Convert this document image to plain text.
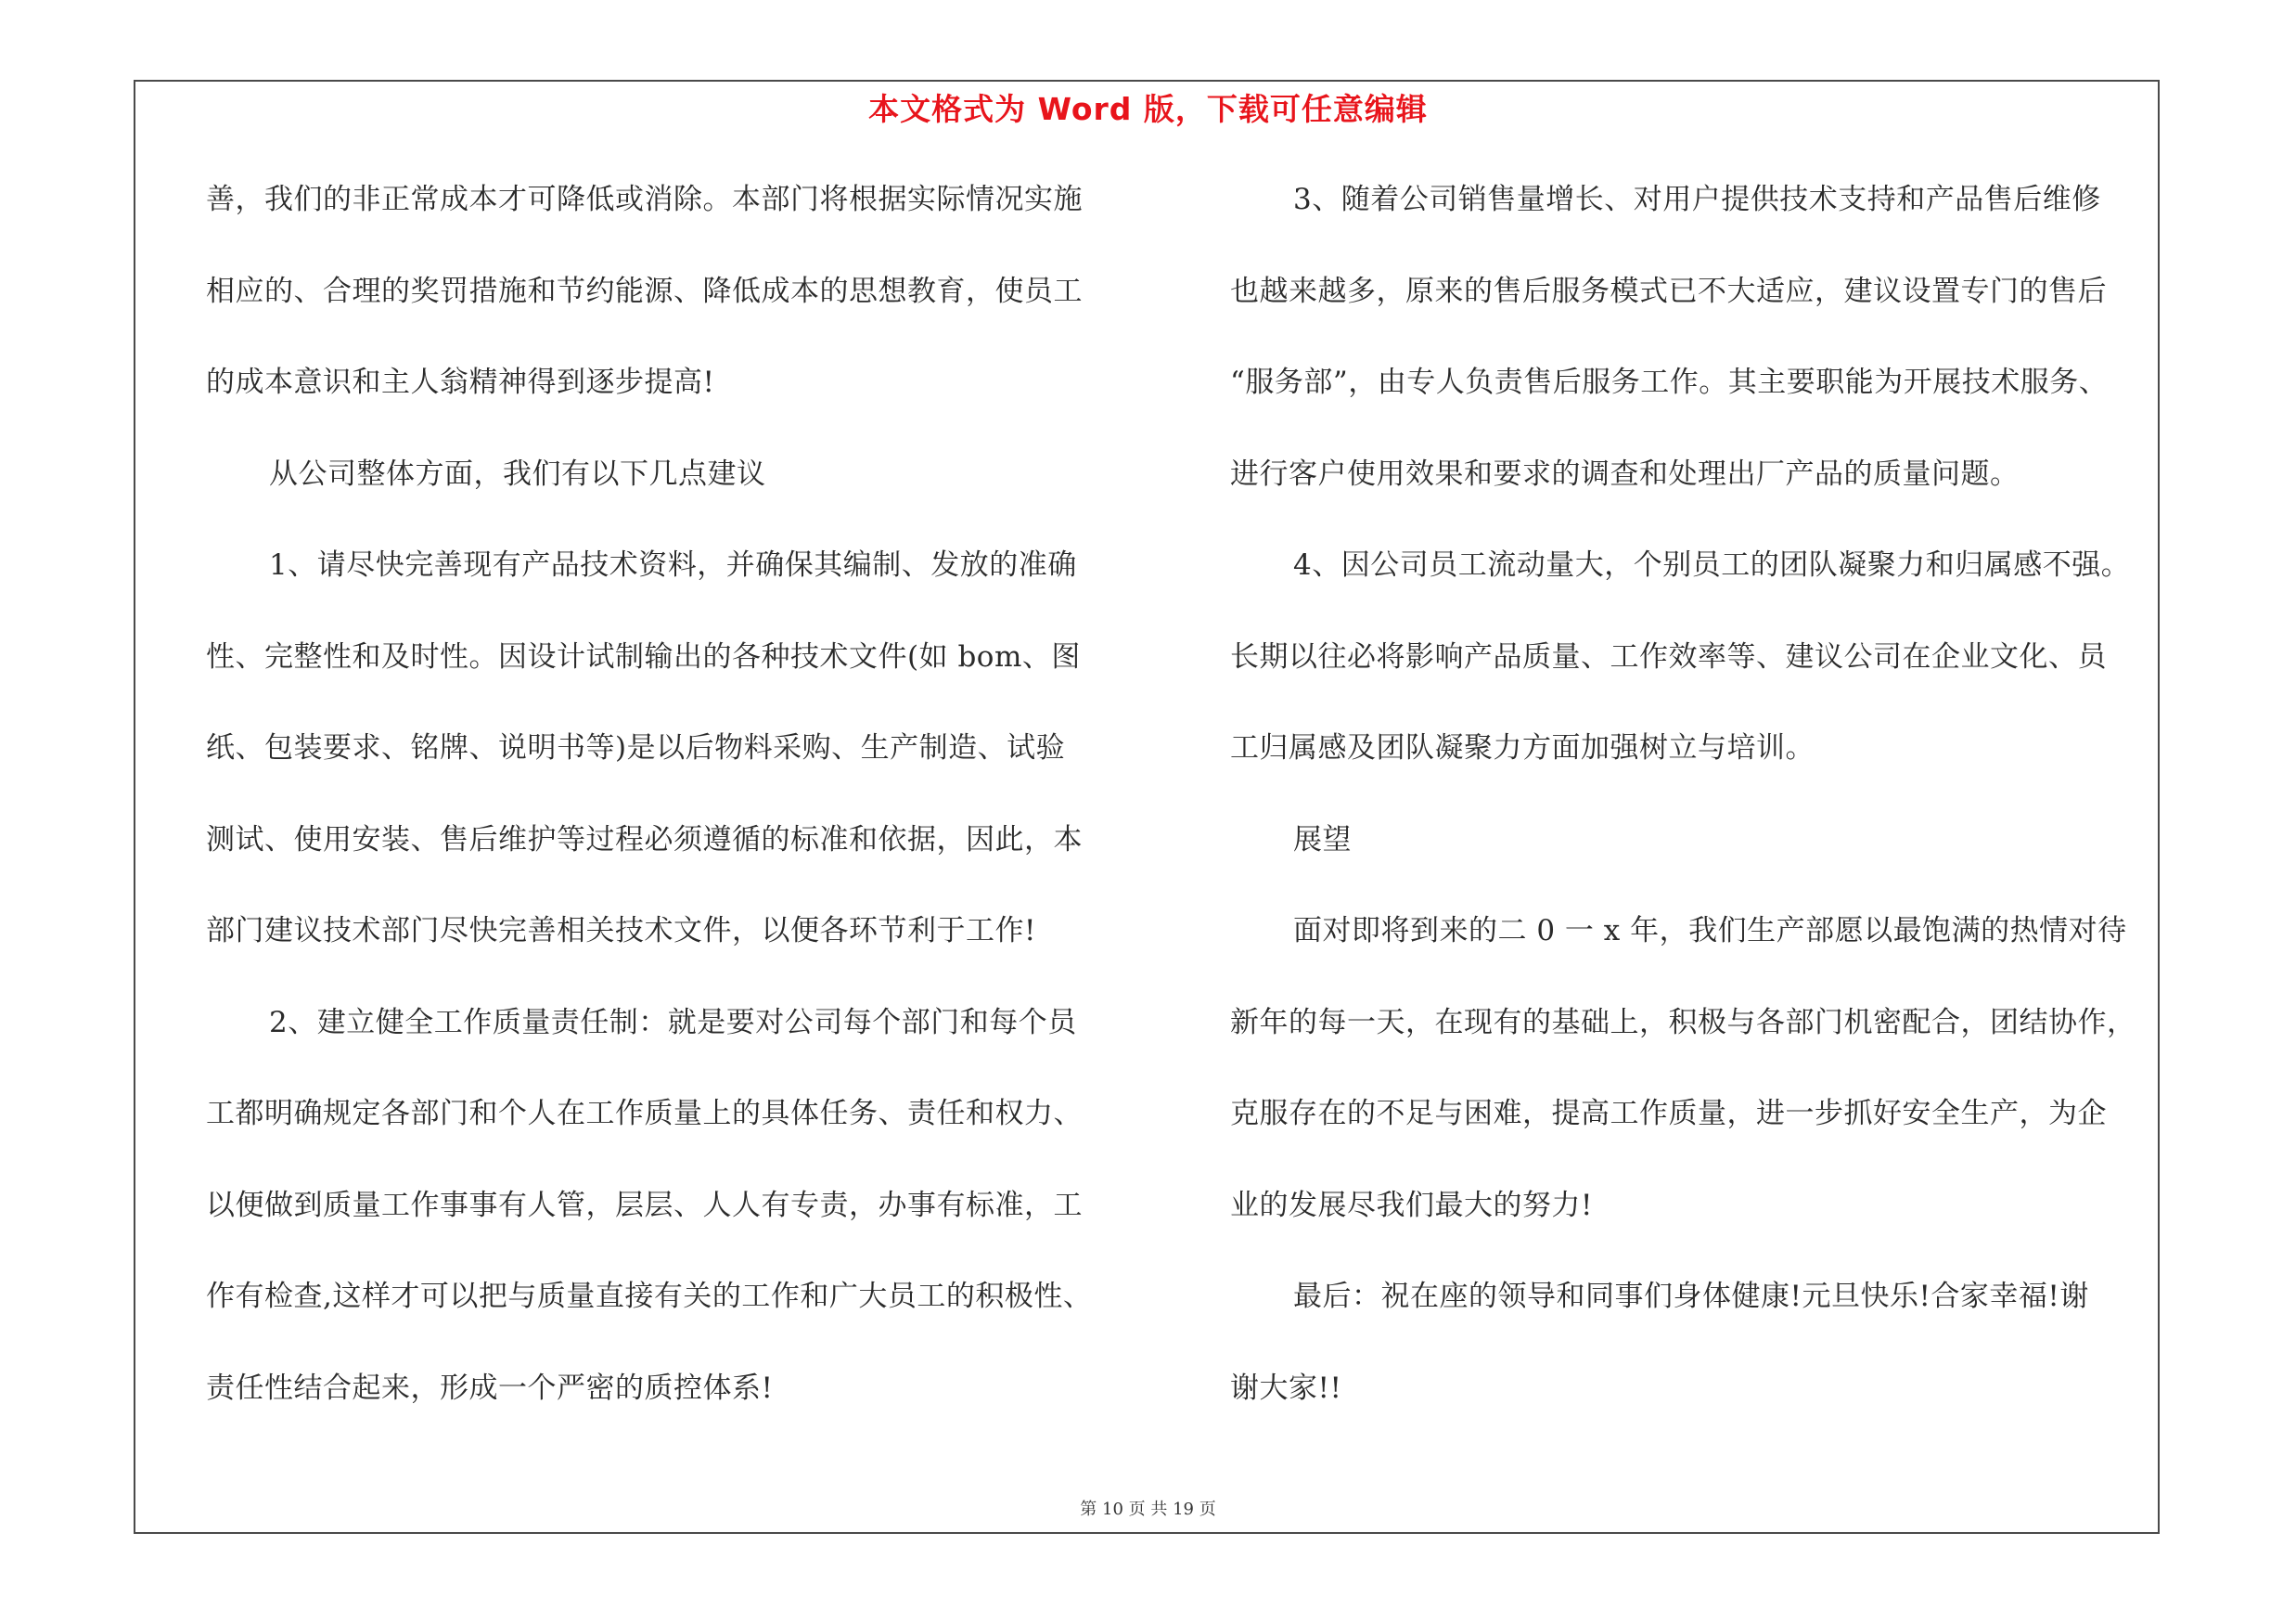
本文格式为 Word 版，下载可任意编辑
善，我们的非正常成本才可降低或消除。本部门将根据实际情况实施
相应的、合理的奖罚措施和节约能源、降低成本的思想教育，使员工
的成本意识和主人翁精神得到逐步提高!
从公司整体方面，我们有以下几点建议
1、请尽快完善现有产品技术资料，并确保其编制、发放的准确
性、完整性和及时性。因设计试制输出的各种技术文件(如 bom、图
纸、包装要求、铭牌、说明书等)是以后物料采购、生产制造、试验
测试、使用安装、售后维护等过程必须遵循的标准和依据，因此，本
部门建议技术部门尽快完善相关技术文件，以便各环节利于工作!
2、建立健全工作质量责任制：就是要对公司每个部门和每个员
工都明确规定各部门和个人在工作质量上的具体任务、责任和权力、
以便做到质量工作事事有人管，层层、人人有专责，办事有标准，工
作有检查,这样才可以把与质量直接有关的工作和广大员工的积极性、
责任性结合起来，形成一个严密的质控体系!
3、随着公司销售量增长、对用户提供技术支持和产品售后维修
也越来越多，原来的售后服务模式已不大适应，建议设置专门的售后
“服务部”，由专人负责售后服务工作。其主要职能为开展技术服务、
进行客户使用效果和要求的调查和处理出厂产品的质量问题。
4、因公司员工流动量大，个别员工的团队凝聚力和归属感不强。
长期以往必将影响产品质量、工作效率等、建议公司在企业文化、员
工归属感及团队凝聚力方面加强树立与培训。
展望
面对即将到来的二 0 一 x 年，我们生产部愿以最饱满的热情对待
新年的每一天，在现有的基础上，积极与各部门机密配合，团结协作，
克服存在的不足与困难，提高工作质量，进一步抓好安全生产，为企
业的发展尽我们最大的努力!
最后：祝在座的领导和同事们身体健康!元旦快乐!合家幸福!谢
谢大家!!
第 10 页 共 19 页
